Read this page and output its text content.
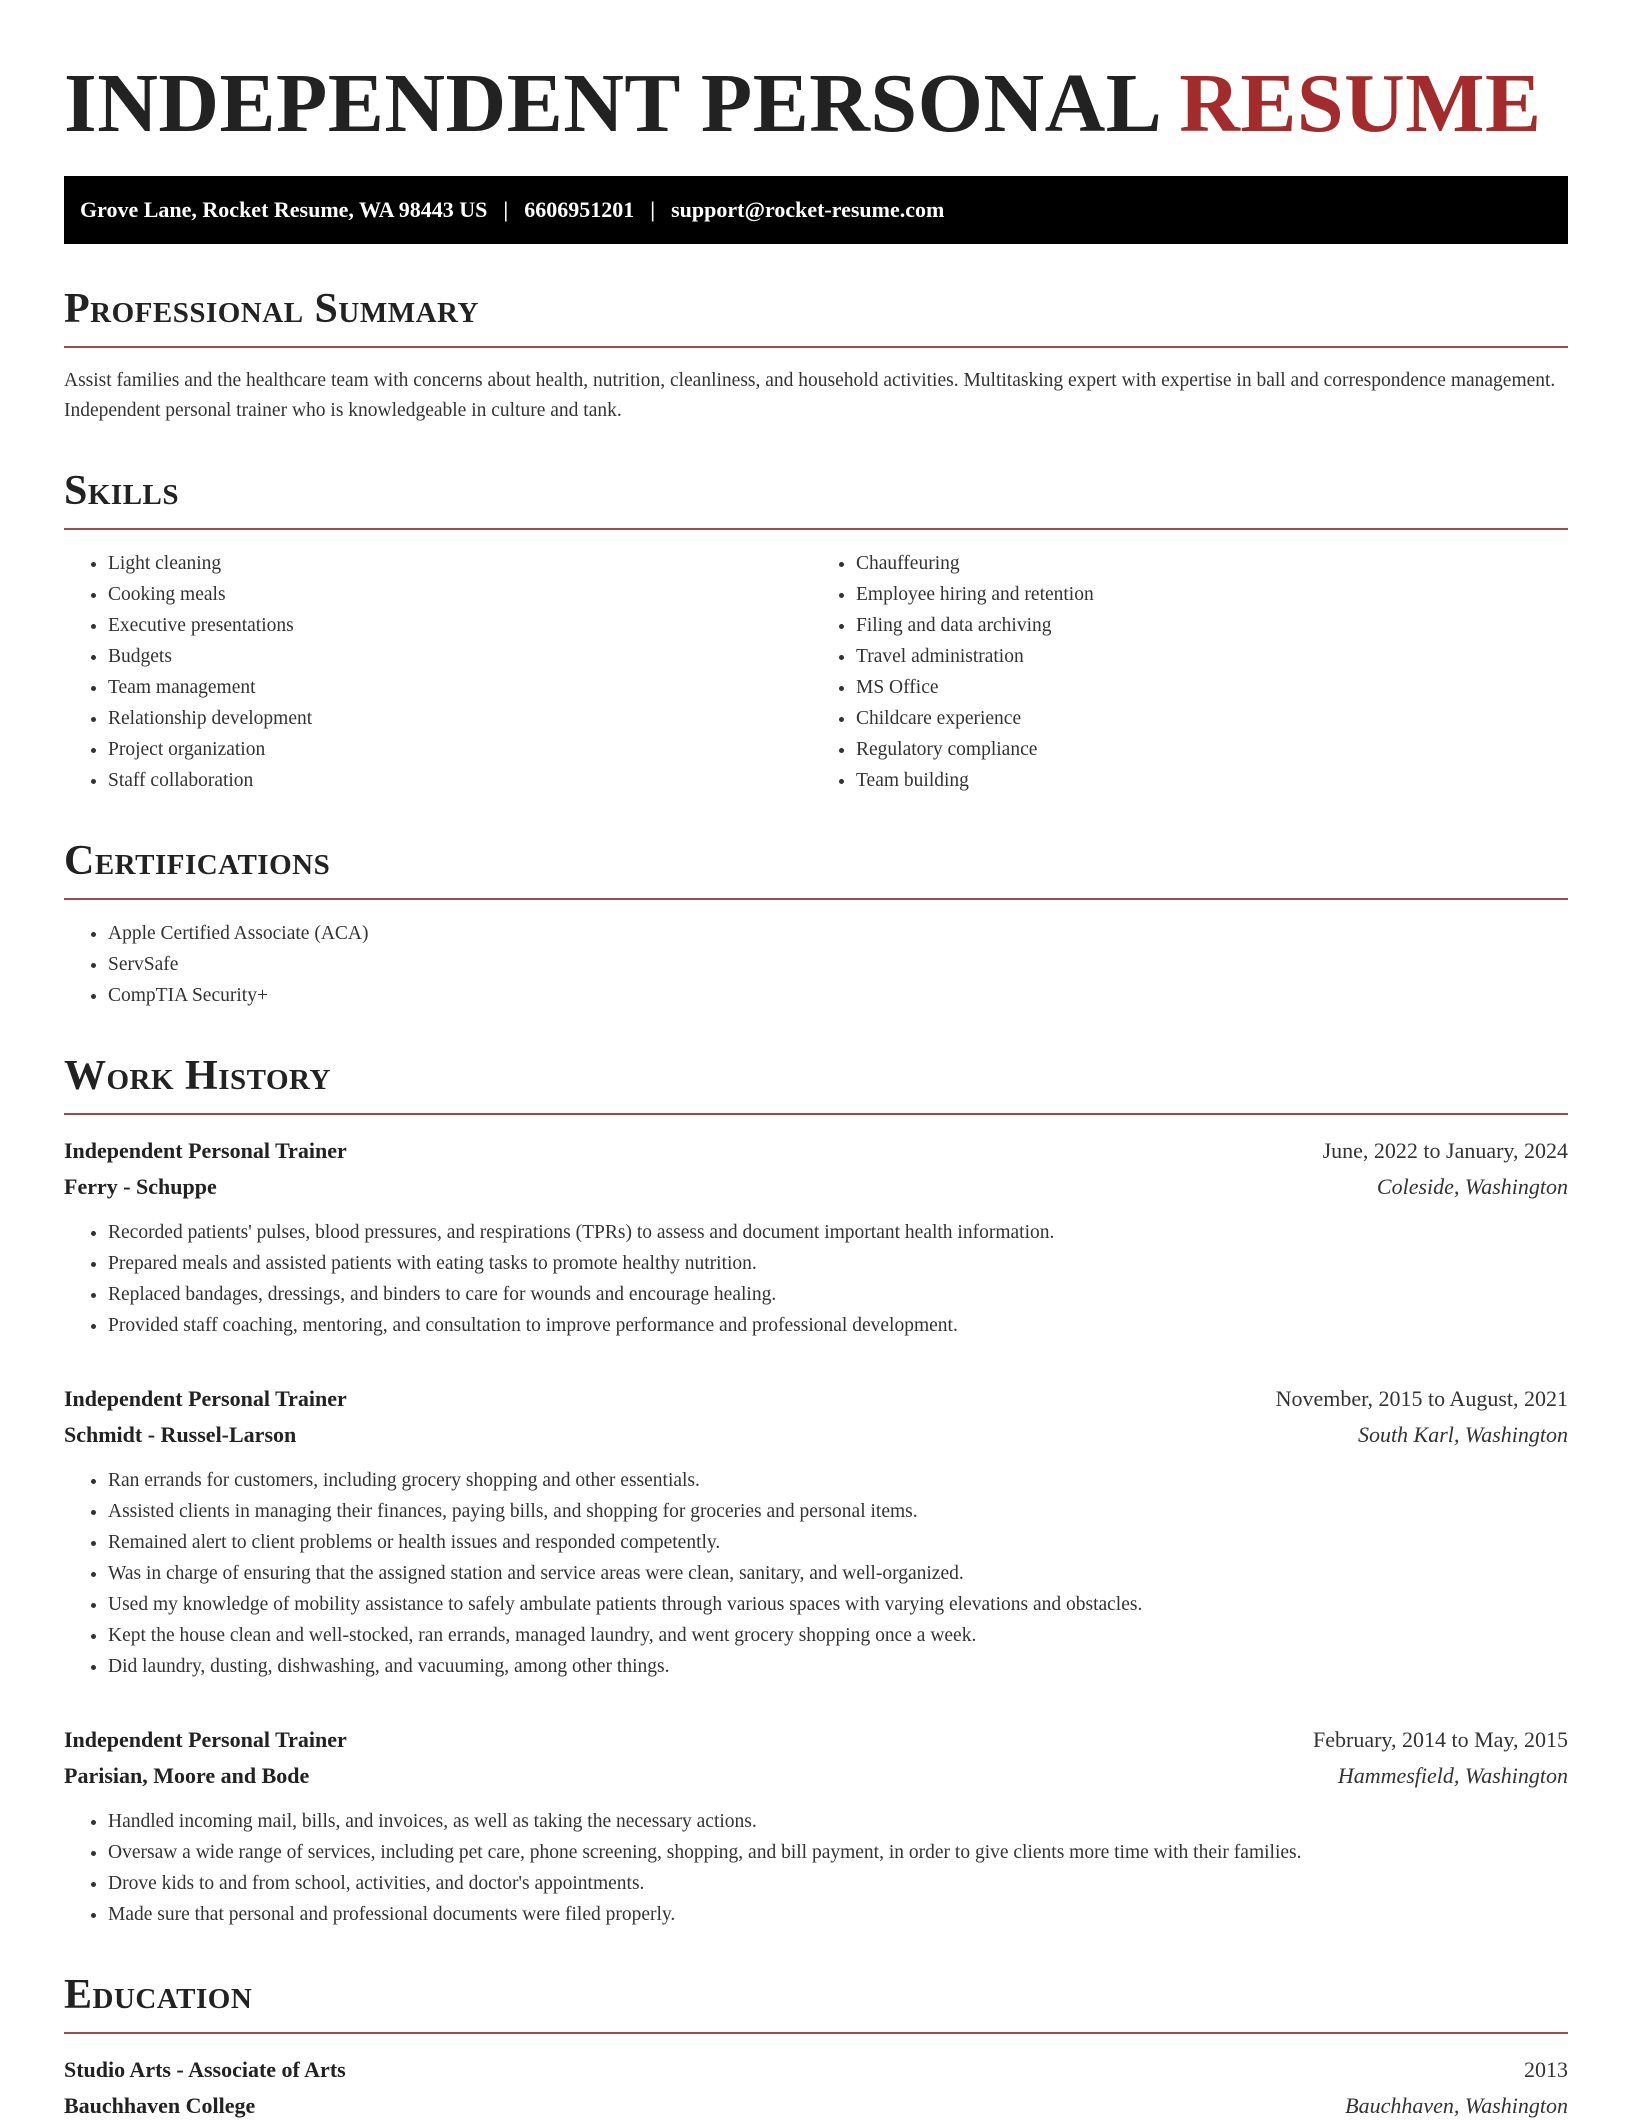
INDEPENDENT PERSONAL RESUME
Grove Lane, Rocket Resume, WA 98443 US | 6606951201 | support@rocket-resume.com
Professional Summary

Assist families and the healthcare team with concerns about health, nutrition, cleanliness, and household activities. Multitasking expert with expertise in ball and correspondence management. Independent personal trainer who is knowledgeable in culture and tank.

Skills
• Light cleaning
• Cooking meals
• Executive presentations
• Budgets
• Team management
• Relationship development
• Project organization
• Staff collaboration
• Chauffeuring
• Employee hiring and retention
• Filing and data archiving
• Travel administration
• MS Office
• Childcare experience
• Regulatory compliance
• Team building
Certifications
• Apple Certified Associate (ACA)
• ServSafe
• CompTIA Security+
Work History
Independent Personal Trainer	June, 2022 to January, 2024
Ferry - Schuppe	Coleside, Washington
• Recorded patients' pulses, blood pressures, and respirations (TPRs) to assess and document important health information.
• Prepared meals and assisted patients with eating tasks to promote healthy nutrition.
• Replaced bandages, dressings, and binders to care for wounds and encourage healing.
• Provided staff coaching, mentoring, and consultation to improve performance and professional development.
Independent Personal Trainer	November, 2015 to August, 2021
Schmidt - Russel-Larson	South Karl, Washington
• Ran errands for customers, including grocery shopping and other essentials.
• Assisted clients in managing their finances, paying bills, and shopping for groceries and personal items.
• Remained alert to client problems or health issues and responded competently.
• Was in charge of ensuring that the assigned station and service areas were clean, sanitary, and well-organized.
• Used my knowledge of mobility assistance to safely ambulate patients through various spaces with varying elevations and obstacles.
• Kept the house clean and well-stocked, ran errands, managed laundry, and went grocery shopping once a week.
• Did laundry, dusting, dishwashing, and vacuuming, among other things.
Independent Personal Trainer	February, 2014 to May, 2015
Parisian, Moore and Bode	Hammesfield, Washington
• Handled incoming mail, bills, and invoices, as well as taking the necessary actions.
• Oversaw a wide range of services, including pet care, phone screening, shopping, and bill payment, in order to give clients more time with their families.
• Drove kids to and from school, activities, and doctor's appointments.
• Made sure that personal and professional documents were filed properly.
Education
Studio Arts - Associate of Arts	2013
Bauchhaven College	Bauchhaven, Washington
